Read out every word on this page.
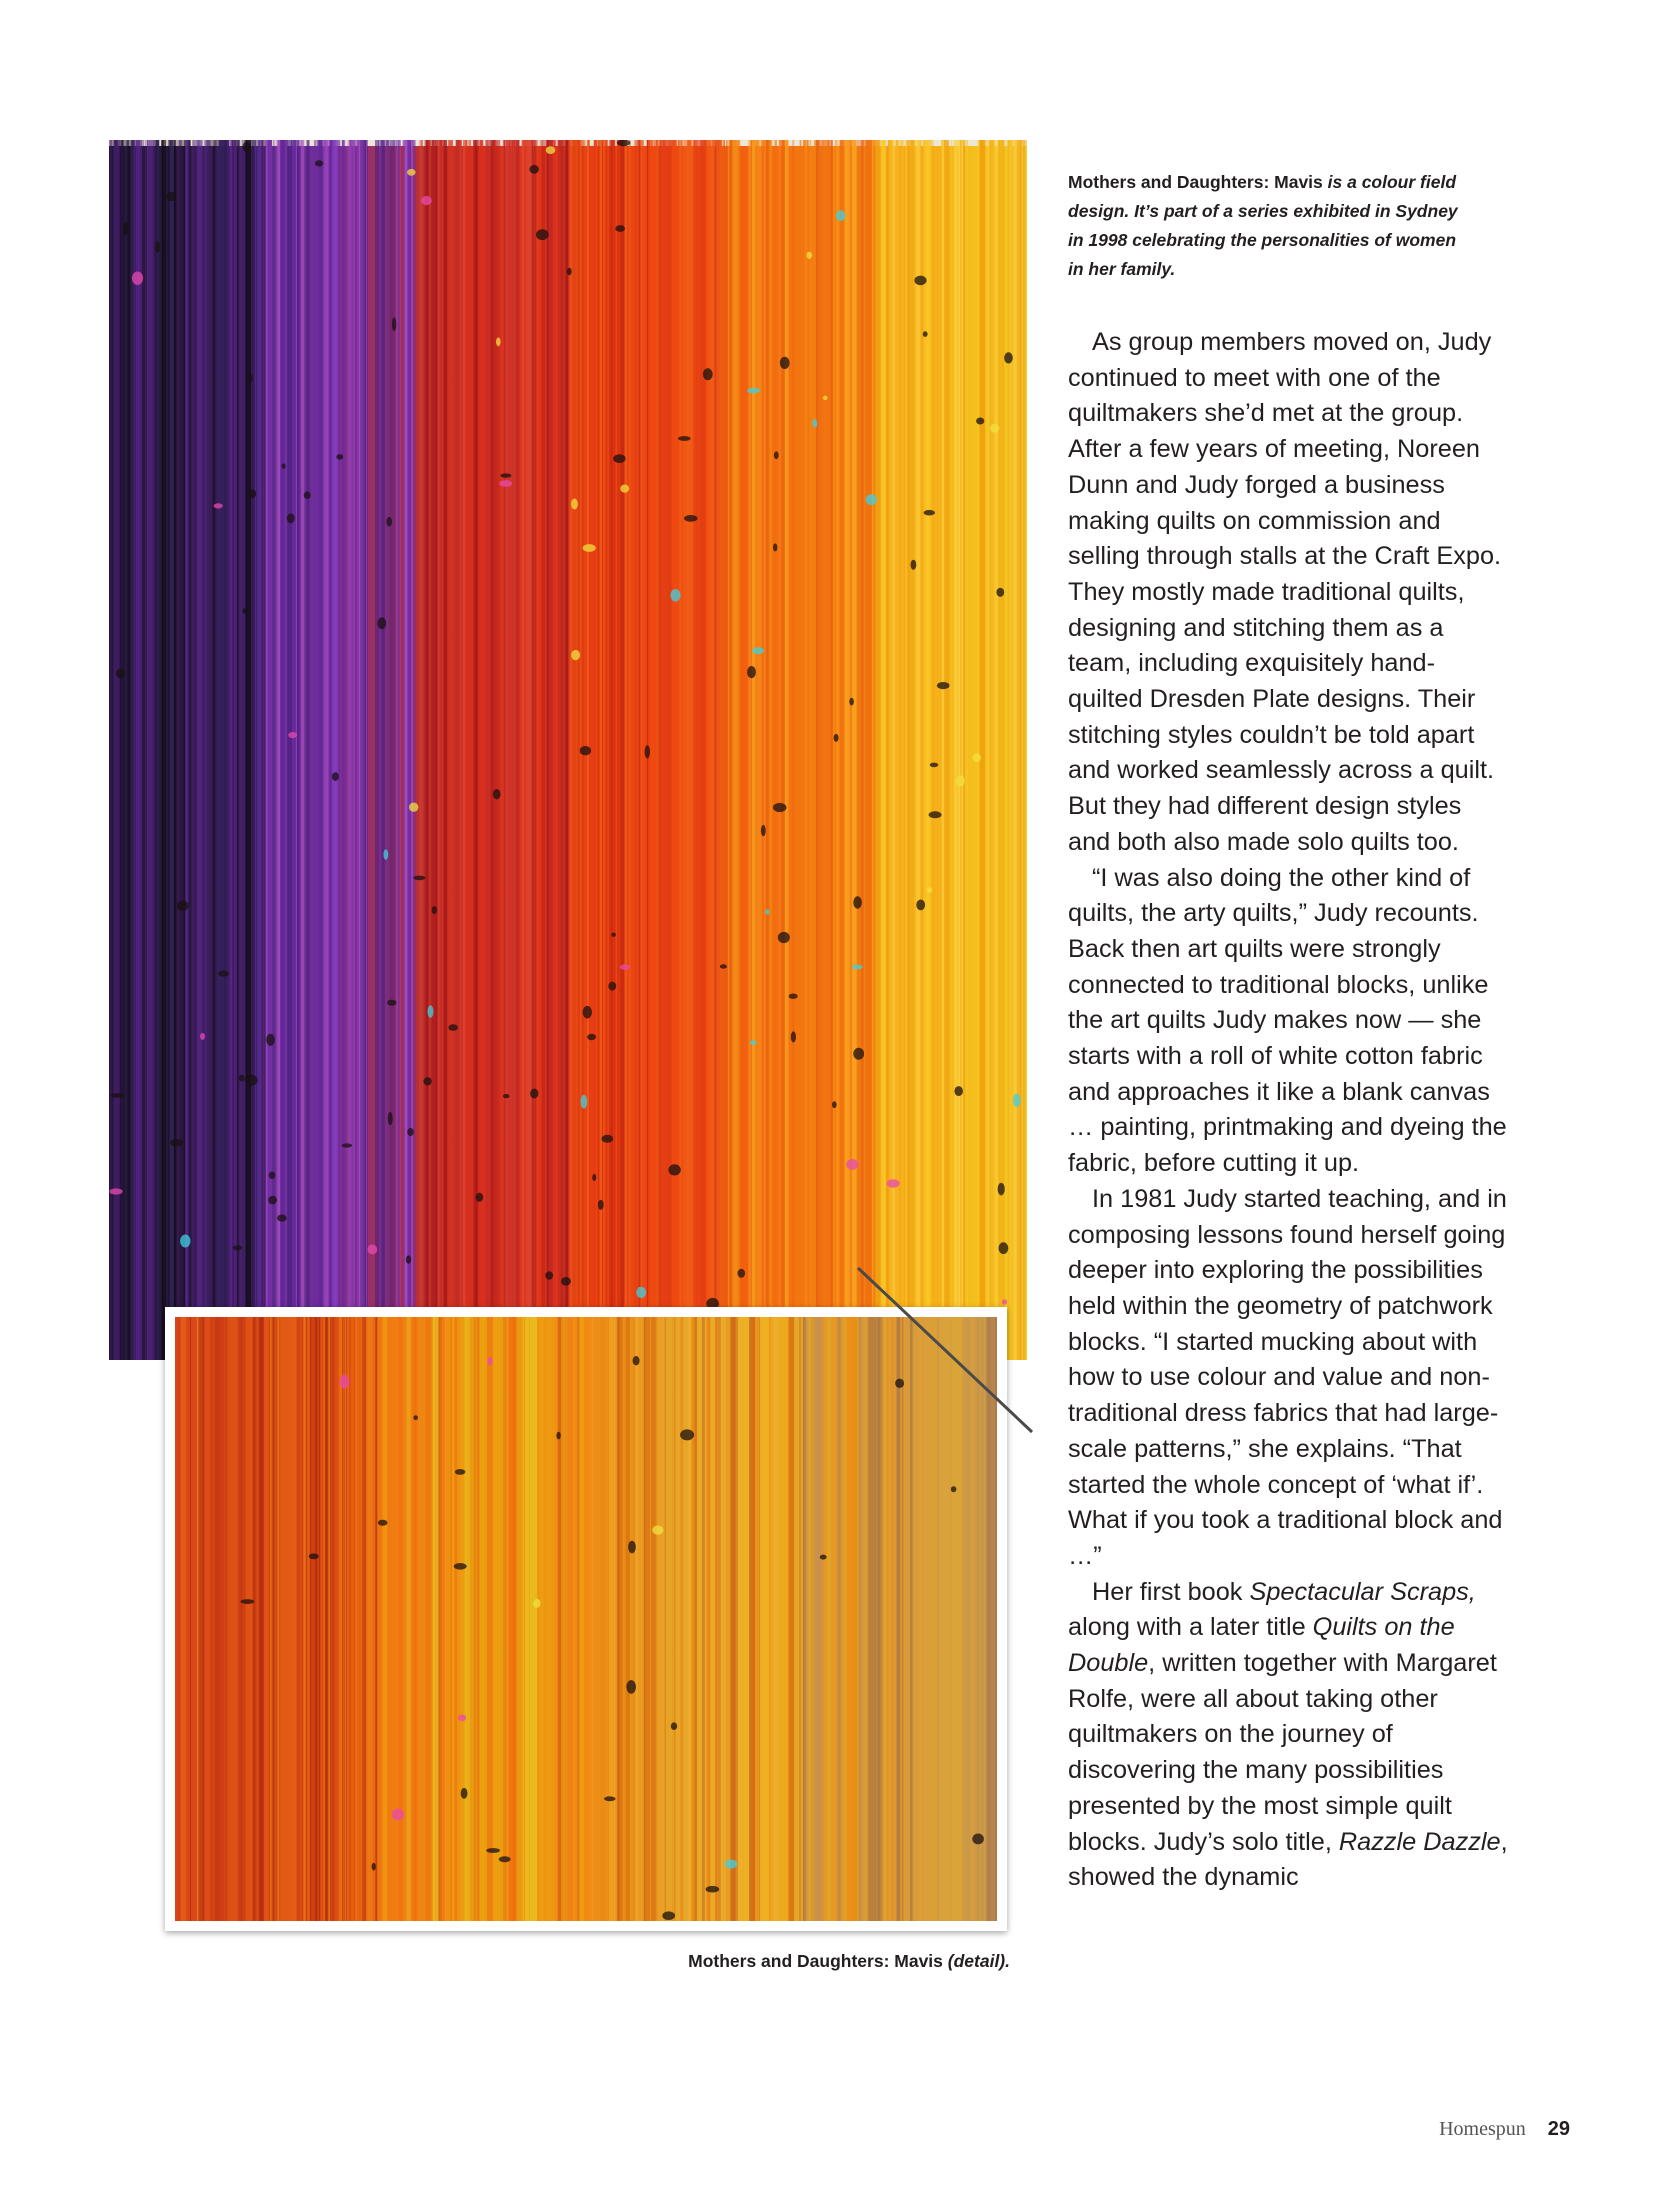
Mothers and Daughters: Mavis is a colour field design. It’s part of a series exhibited in Sydney in 1998 celebrating the personalities of women in her family.

As group members moved on, Judy continued to meet with one of the quiltmakers she’d met at the group. After a few years of meeting, Noreen Dunn and Judy forged a business making quilts on commission and selling through stalls at the Craft Expo. They mostly made traditional quilts, designing and stitching them as a team, including exquisitely hand-quilted Dresden Plate designs. Their stitching styles couldn’t be told apart and worked seamlessly across a quilt. But they had different design styles and both also made solo quilts too.

“I was also doing the other kind of quilts, the arty quilts,” Judy recounts. Back then art quilts were strongly connected to traditional blocks, unlike the art quilts Judy makes now — she starts with a roll of white cotton fabric and approaches it like a blank canvas … painting, printmaking and dyeing the fabric, before cutting it up.

In 1981 Judy started teaching, and in composing lessons found herself going deeper into exploring the possibilities held within the geometry of patchwork blocks. “I started mucking about with how to use colour and value and non-traditional dress fabrics that had large-scale patterns,” she explains. “That started the whole concept of ‘what if’. What if you took a traditional block and …”

Her first book Spectacular Scraps, along with a later title Quilts on the Double, written together with Margaret Rolfe, were all about taking other quiltmakers on the journey of discovering the many possibilities presented by the most simple quilt blocks. Judy’s solo title, Razzle Dazzle, showed the dynamic

Mothers and Daughters: Mavis (detail).
Homespun 29
